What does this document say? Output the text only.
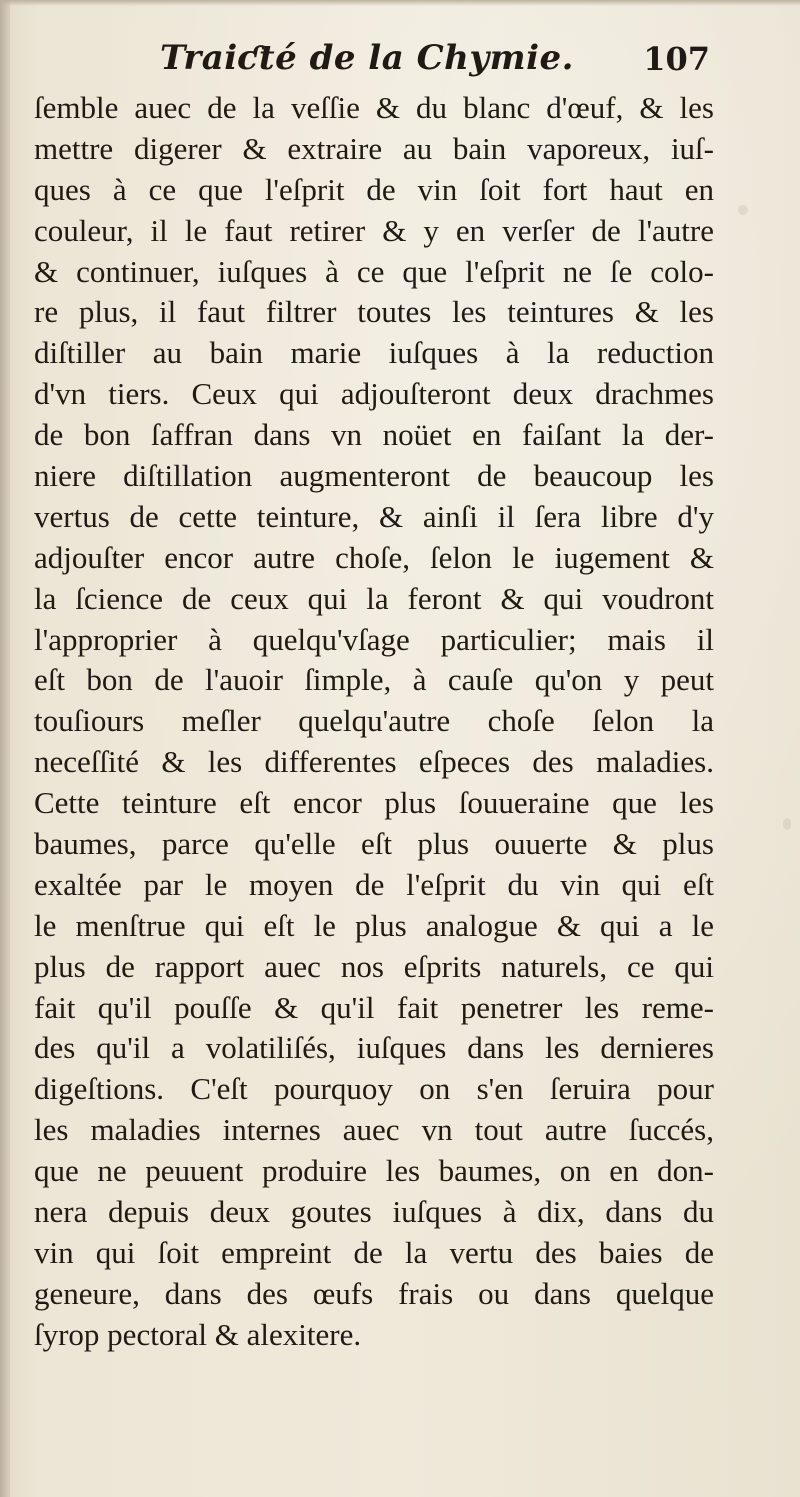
Traiƈté de la Chymie. 107
ſemble auec de la veſſie & du blanc d'œuf, & les
mettre digerer & extraire au bain vaporeux, iuſ-
ques à ce que l'eſprit de vin ſoit fort haut en
couleur, il le faut retirer & y en verſer de l'autre
& continuer, iuſques à ce que l'eſprit ne ſe colo-
re plus, il faut filtrer toutes les teintures & les
diſtiller au bain marie iuſques à la reduction
d'vn tiers. Ceux qui adjouſteront deux drachmes
de bon ſaffran dans vn noüet en faiſant la der-
niere diſtillation augmenteront de beaucoup les
vertus de cette teinture, & ainſi il ſera libre d'y
adjouſter encor autre choſe, ſelon le iugement &
la ſcience de ceux qui la feront & qui voudront
l'approprier à quelqu'vſage particulier; mais il
eſt bon de l'auoir ſimple, à cauſe qu'on y peut
touſiours meſler quelqu'autre choſe ſelon la
neceſſité & les differentes eſpeces des maladies.
Cette teinture eſt encor plus ſouueraine que les
baumes, parce qu'elle eſt plus ouuerte & plus
exaltée par le moyen de l'eſprit du vin qui eſt
le menſtrue qui eſt le plus analogue & qui a le
plus de rapport auec nos eſprits naturels, ce qui
fait qu'il pouſſe & qu'il fait penetrer les reme-
des qu'il a volatiliſés, iuſques dans les dernieres
digeſtions. C'eſt pourquoy on s'en ſeruira pour
les maladies internes auec vn tout autre ſuccés,
que ne peuuent produire les baumes, on en don-
nera depuis deux goutes iuſques à dix, dans du
vin qui ſoit empreint de la vertu des baies de
geneure, dans des œufs frais ou dans quelque
ſyrop pectoral & alexitere.
